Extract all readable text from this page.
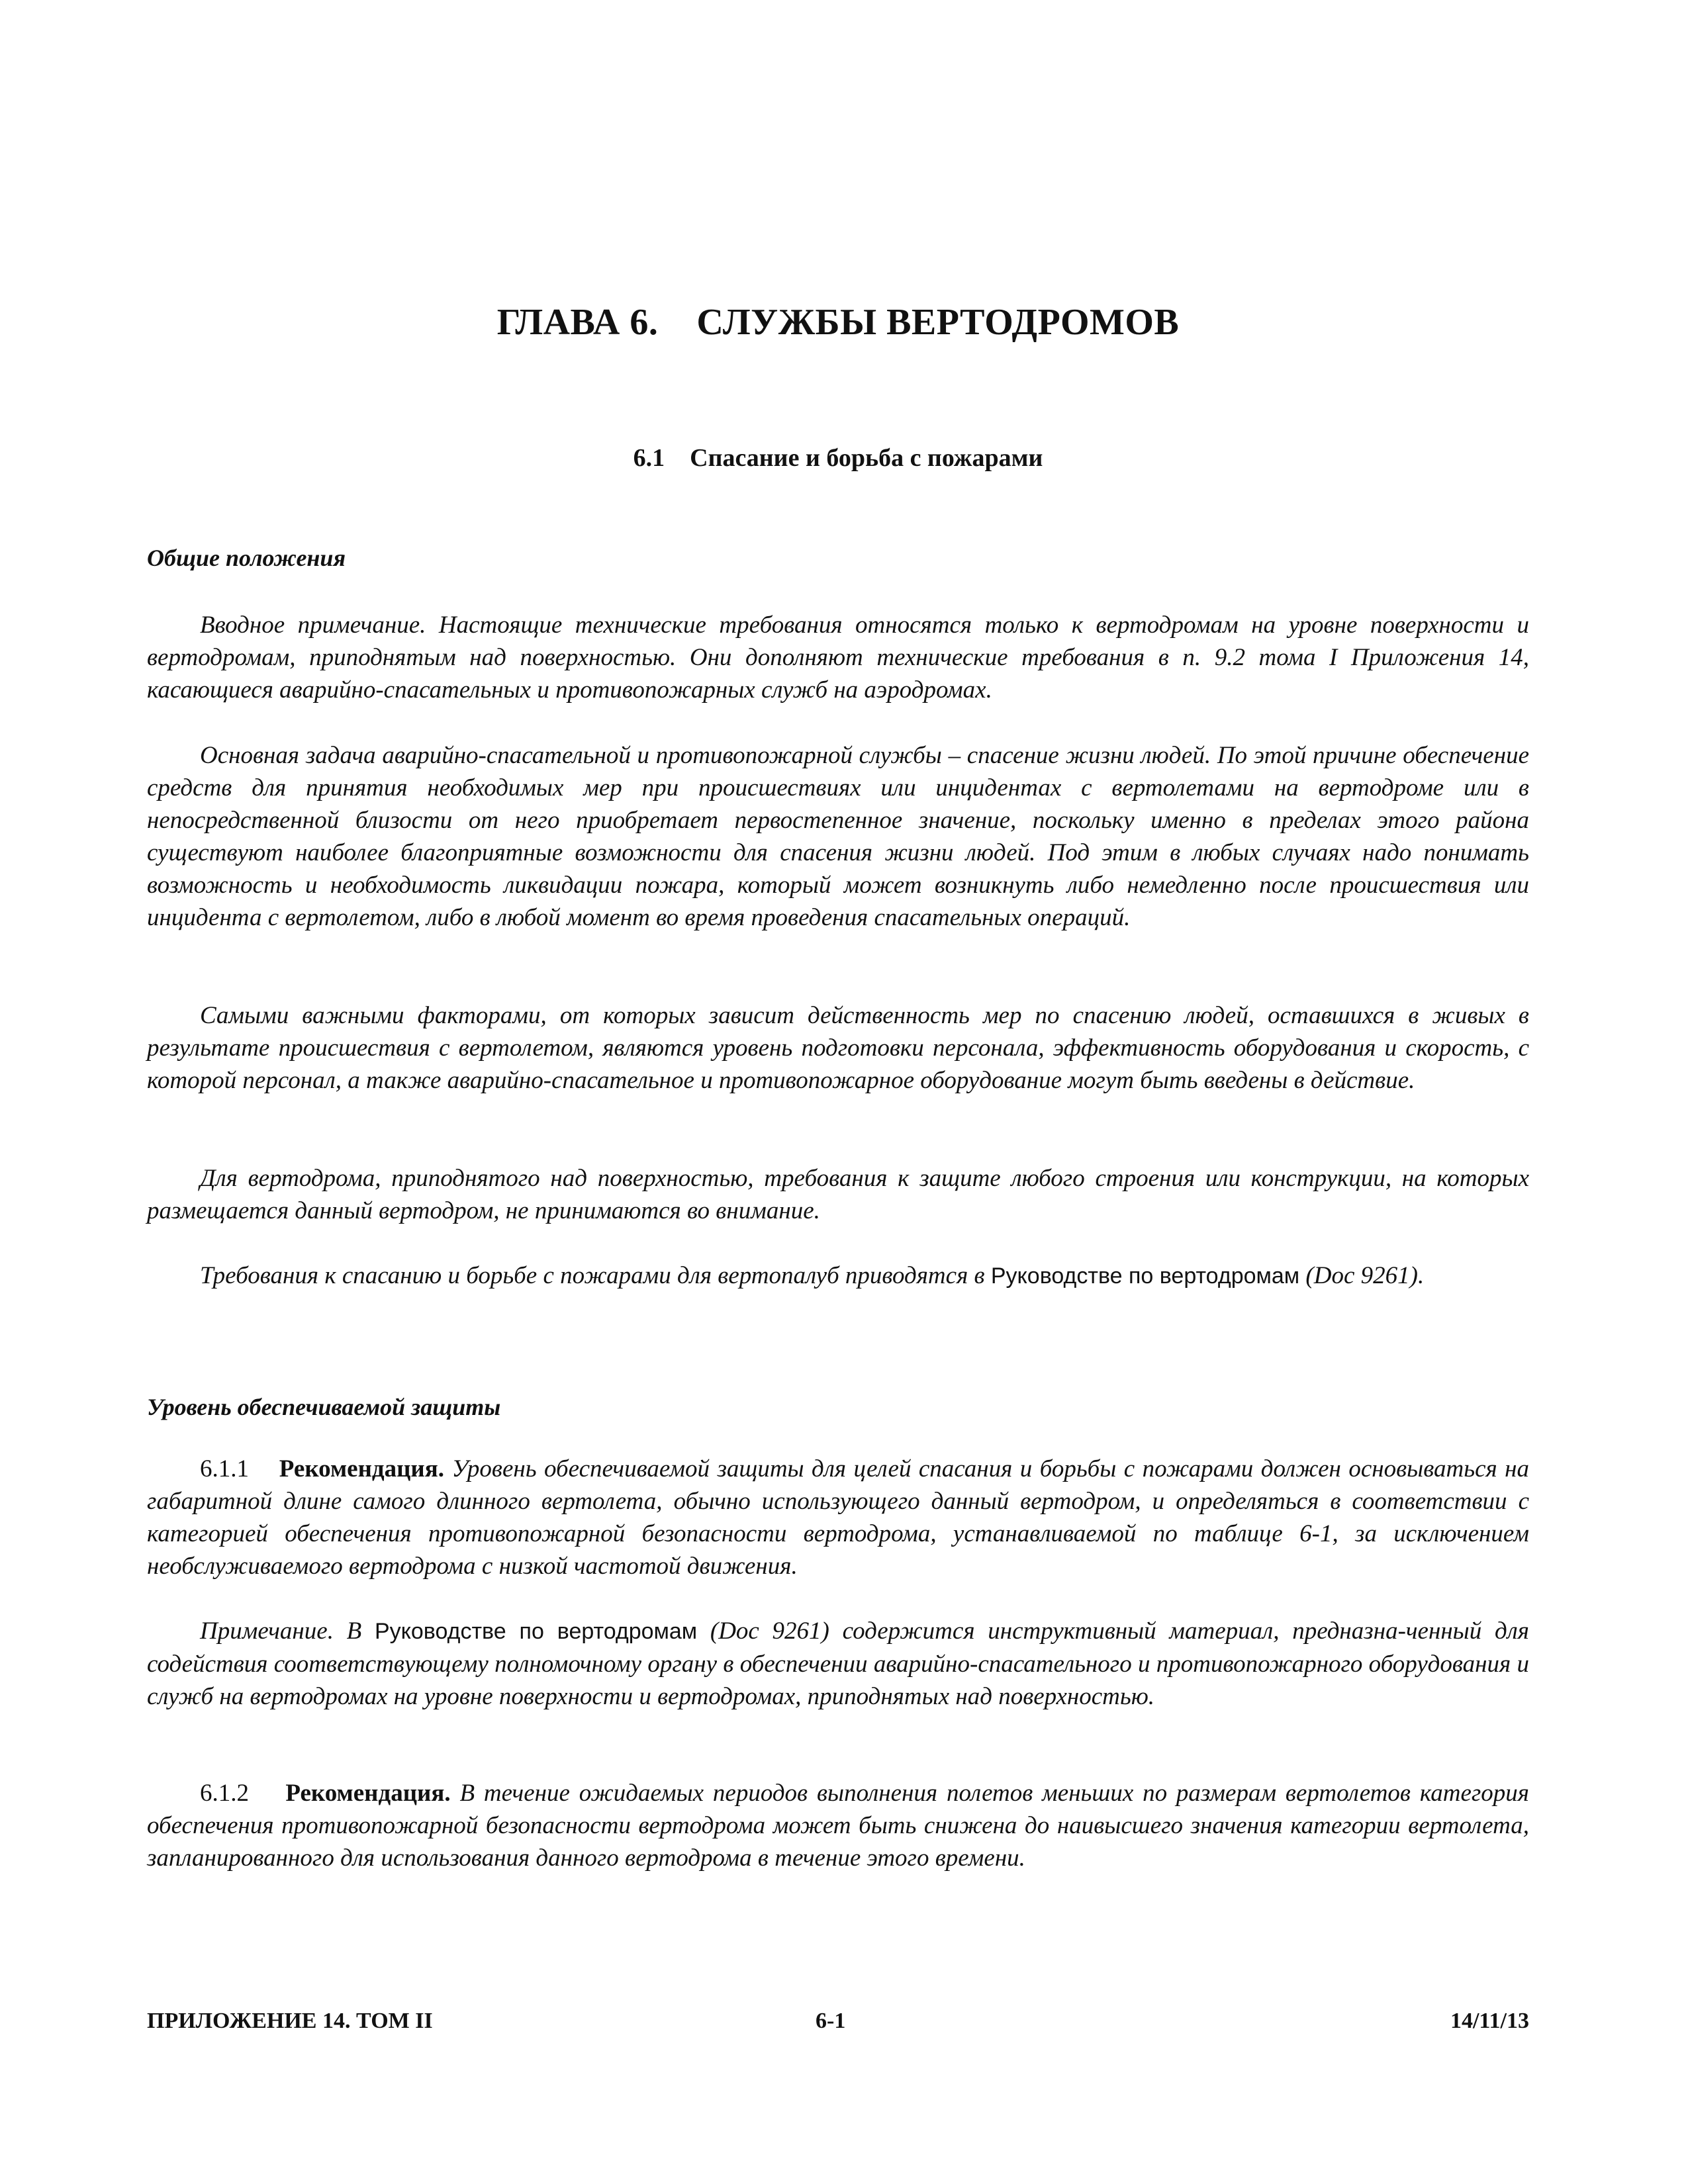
ГЛАВА 6.    СЛУЖБЫ ВЕРТОДРОМОВ
6.1    Спасание и борьба с пожарами
Общие положения

Вводное примечание. Настоящие технические требования относятся только к вертодромам на уровне поверхности и вертодромам, приподнятым над поверхностью. Они дополняют технические требования в п. 9.2 тома I Приложения 14, касающиеся аварийно-спасательных и противопожарных служб на аэродромах.

Основная задача аварийно-спасательной и противопожарной службы – спасение жизни людей. По этой причине обеспечение средств для принятия необходимых мер при происшествиях или инцидентах с вертолетами на вертодроме или в непосредственной близости от него приобретает первостепенное значение, поскольку именно в пределах этого района существуют наиболее благоприятные возможности для спасения жизни людей. Под этим в любых случаях надо понимать возможность и необходимость ликвидации пожара, который может возникнуть либо немедленно после происшествия или инцидента с вертолетом, либо в любой момент во время проведения спасательных операций.

Самыми важными факторами, от которых зависит действенность мер по спасению людей, оставшихся в живых в результате происшествия с вертолетом, являются уровень подготовки персонала, эффективность оборудования и скорость, с которой персонал, а также аварийно-спасательное и противопожарное оборудование могут быть введены в действие.

Для вертодрома, приподнятого над поверхностью, требования к защите любого строения или конструкции, на которых размещается данный вертодром, не принимаются во внимание.

Требования к спасанию и борьбе с пожарами для вертопалуб приводятся в Руководстве по вертодромам (Doc 9261).

Уровень обеспечиваемой защиты

6.1.1 Рекомендация. Уровень обеспечиваемой защиты для целей спасания и борьбы с пожарами должен основываться на габаритной длине самого длинного вертолета, обычно использующего данный вертодром, и определяться в соответствии с категорией обеспечения противопожарной безопасности вертодрома, устанавливаемой по таблице 6-1, за исключением необслуживаемого вертодрома с низкой частотой движения.

Примечание. В Руководстве по вертодромам (Doc 9261) содержится инструктивный материал, предназна-ченный для содействия соответствующему полномочному органу в обеспечении аварийно-спасательного и противопожарного оборудования и служб на вертодромах на уровне поверхности и вертодромах, приподнятых над поверхностью.

6.1.2 Рекомендация. В течение ожидаемых периодов выполнения полетов меньших по размерам вертолетов категория обеспечения противопожарной безопасности вертодрома может быть снижена до наивысшего значения категории вертолета, запланированного для использования данного вертодрома в течение этого времени.

ПРИЛОЖЕНИЕ 14. ТОМ II	6-1	14/11/13
